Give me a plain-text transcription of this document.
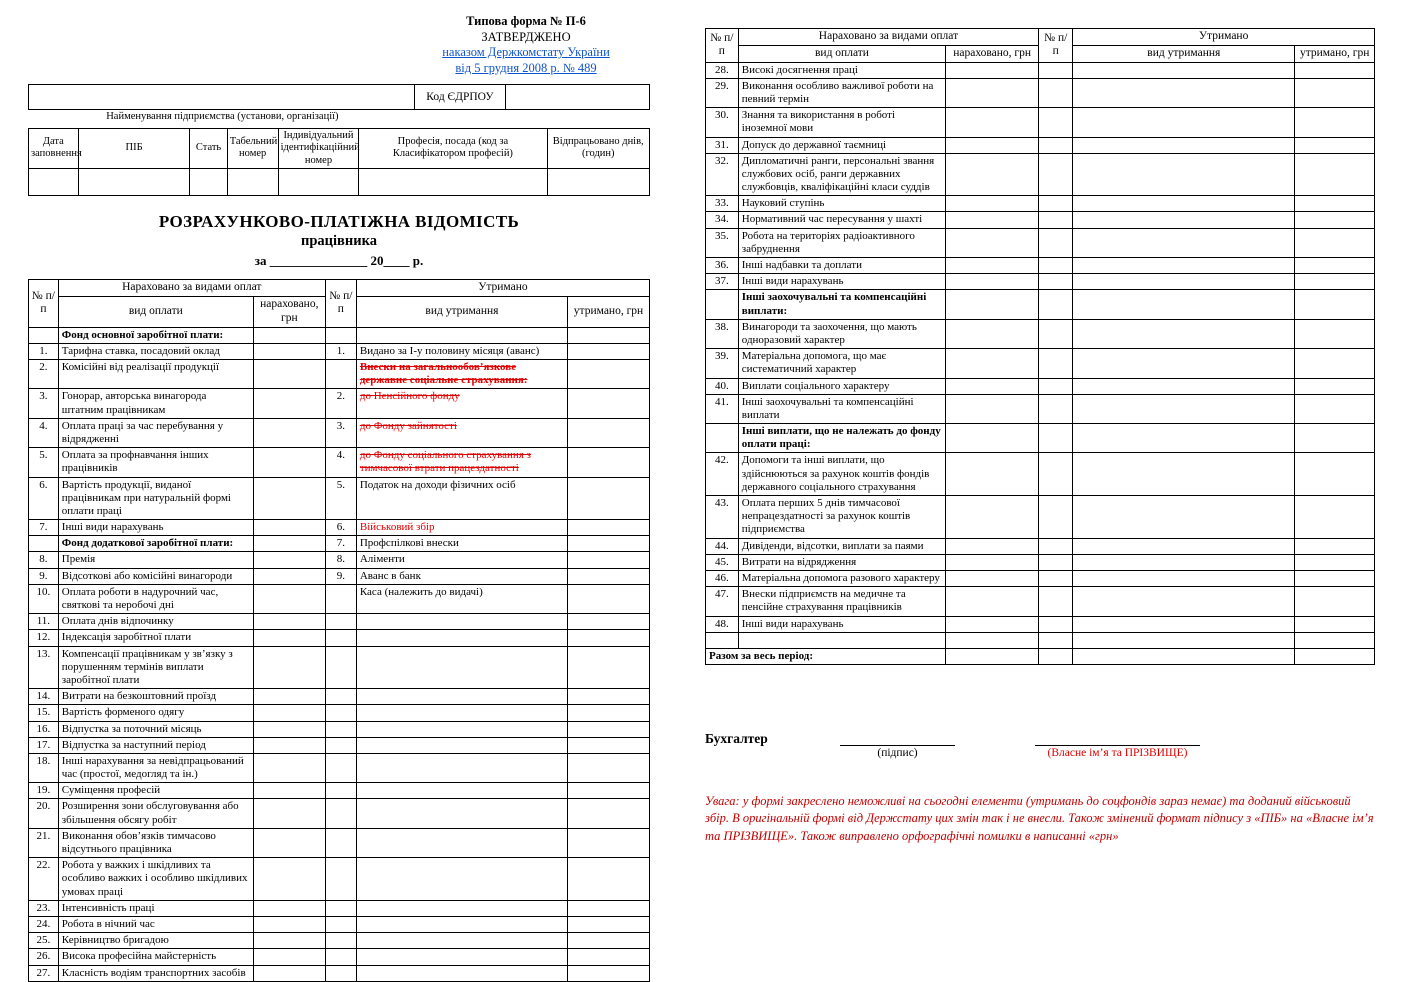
Типова форма № П-6
ЗАТВЕРДЖЕНО
наказом Держкомстату України
від 5 грудня 2008 р. № 489
	Код ЄДРПОУ	
Найменування підприємства (установи, організації)
Дата заповнення	ПІБ	Стать	Табельний номер	Індивідуальний ідентифікаційний номер	Професія, посада (код за Класифікатором професій)	Відпрацьовано днів, (годин)

РОЗРАХУНКОВО-ПЛАТІЖНА ВІДОМІСТЬ
працівника
за _______________ 20____ р.
№ п/п	Нараховано за видами оплат		№ п/п	Утримано	
	вид оплати	нараховано, грн		вид утримання	утримано, грн
	Фонд основної заробітної плати:				
1.	Тарифна ставка, посадовий оклад		1.	Видано за І-у половину місяця (аванс)	
2.	Комісійні від реалізації продукції			Внески на загальнообов’язкове державне соціальне страхування:	
3.	Гонорар, авторська винагорода штатним працівникам		2.	до Пенсійного фонду	
4.	Оплата праці за час перебування у відрядженні		3.	до Фонду зайнятості	
5.	Оплата за профнавчання інших працівників		4.	до Фонду соціального страхування з тимчасової втрати працездатності	
6.	Вартість продукції, виданої працівникам при натуральній формі оплати праці		5.	Податок на доходи фізичних осіб	
7.	Інші види нарахувань		6.	Військовий збір	
	Фонд додаткової заробітної плати:		7.	Профспілкові внески	
8.	Премія		8.	Аліменти	
9.	Відсоткові або комісійні винагороди		9.	Аванс в банк	
10.	Оплата роботи в надурочний час, святкові та неробочі дні			Каса (належить до видачі)	
11.	Оплата днів відпочинку				
12.	Індексація заробітної плати				
13.	Компенсації працівникам у зв’язку з порушенням термінів виплати заробітної плати				
14.	Витрати на безкоштовний проїзд				
15.	Вартість форменого одягу				
16.	Відпустка за поточний місяць				
17.	Відпустка за наступний період				
18.	Інші нарахування за невідпрацьований час (простої, медогляд та ін.)				
19.	Суміщення професій				
20.	Розширення зони обслуговування або збільшення обсягу робіт				
21.	Виконання обов’язків тимчасово відсутнього працівника				
22.	Робота у важких і шкідливих та особливо важких і особливо шкідливих умовах праці				
23.	Інтенсивність праці				
24.	Робота в нічний час				
25.	Керівництво бригадою				
26.	Висока професійна майстерність				
27.	Класність водіям транспортних засобів				
№ п/п	Нараховано за видами оплат		№ п/п	Утримано	
	вид оплати	нараховано, грн		вид утримання	утримано, грн
28.	Високі досягнення праці				
29.	Виконання особливо важливої роботи на певний термін				
30.	Знання та використання в роботі іноземної мови				
31.	Допуск до державної таємниці				
32.	Дипломатичні ранги, персональні звання службових осіб, ранги державних службовців, кваліфікаційні класи суддів				
33.	Науковий ступінь				
34.	Нормативний час пересування у шахті				
35.	Робота на територіях радіоактивного забруднення				
36.	Інші надбавки та доплати				
37.	Інші види нарахувань				
	Інші заохочувальні та компенсаційні виплати:				
38.	Винагороди та заохочення, що мають одноразовий характер				
39.	Матеріальна допомога, що має систематичний характер				
40.	Виплати соціального характеру				
41.	Інші заохочувальні та компенсаційні виплати				
	Інші виплати, що не належать до фонду оплати праці:				
42.	Допомоги та інші виплати, що здійснюються за рахунок коштів фондів державного соціального страхування				
43.	Оплата перших 5 днів тимчасової непрацездатності за рахунок коштів підприємства				
44.	Дивіденди, відсотки, виплати за паями				
45.	Витрати на відрядження				
46.	Матеріальна допомога разового характеру				
47.	Внески підприємств на медичне та пенсійне страхування працівників				
48.	Інші види нарахувань				

Разом за весь період:					
Бухгалтер
(підпис)	(Власне ім’я та ПРІЗВИЩЕ)
Увага: у формі закреслено неможливі на сьогодні елементи (утримань до соцфондів зараз немає) та доданий військовий збір. В оригінальній формі від Держстату цих змін так і не внесли. Також змінений формат підпису з «ПІБ» на «Власне ім’я та ПРІЗВИЩЕ». Також виправлено орфографічні помилки в написанні «грн»
